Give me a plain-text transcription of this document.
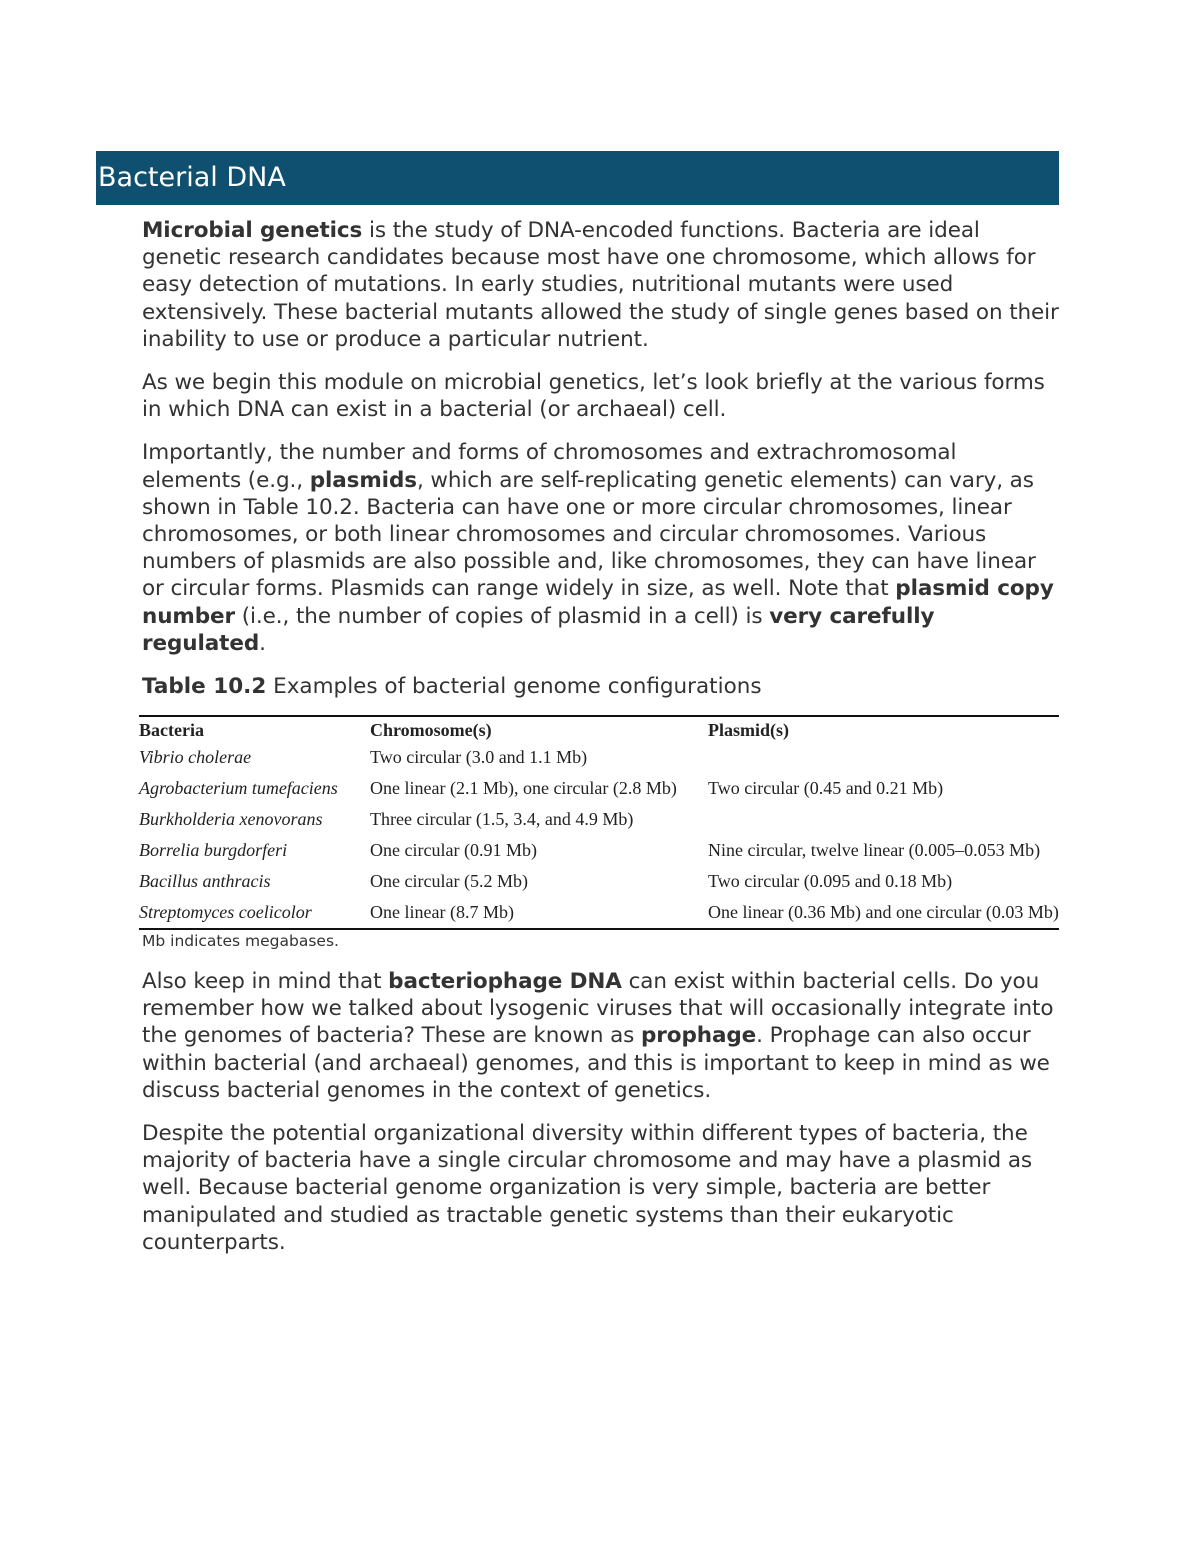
Bacterial DNA

Microbial genetics is the study of DNA-encoded functions. Bacteria are ideal genetic research candidates because most have one chromosome, which allows for easy detection of mutations. In early studies, nutritional mutants were used extensively. These bacterial mutants allowed the study of single genes based on their inability to use or produce a particular nutrient.

As we begin this module on microbial genetics, let’s look briefly at the various forms in which DNA can exist in a bacterial (or archaeal) cell.

Importantly, the number and forms of chromosomes and extrachromosomal elements (e.g., plasmids, which are self-replicating genetic elements) can vary, as shown in Table 10.2. Bacteria can have one or more circular chromosomes, linear chromosomes, or both linear chromosomes and circular chromosomes. Various numbers of plasmids are also possible and, like chromosomes, they can have linear or circular forms. Plasmids can range widely in size, as well. Note that plasmid copy number (i.e., the number of copies of plasmid in a cell) is very carefully regulated.

Table 10.2 Examples of bacterial genome configurations
Bacteria	Chromosome(s)	Plasmid(s)
Vibrio cholerae	Two circular (3.0 and 1.1 Mb)	
Agrobacterium tumefaciens	One linear (2.1 Mb), one circular (2.8 Mb)	Two circular (0.45 and 0.21 Mb)
Burkholderia xenovorans	Three circular (1.5, 3.4, and 4.9 Mb)	
Borrelia burgdorferi	One circular (0.91 Mb)	Nine circular, twelve linear (0.005–0.053 Mb)
Bacillus anthracis	One circular (5.2 Mb)	Two circular (0.095 and 0.18 Mb)
Streptomyces coelicolor	One linear (8.7 Mb)	One linear (0.36 Mb) and one circular (0.03 Mb)
Mb indicates megabases.

Also keep in mind that bacteriophage DNA can exist within bacterial cells. Do you remember how we talked about lysogenic viruses that will occasionally integrate into the genomes of bacteria? These are known as prophage. Prophage can also occur within bacterial (and archaeal) genomes, and this is important to keep in mind as we discuss bacterial genomes in the context of genetics.

Despite the potential organizational diversity within different types of bacteria, the majority of bacteria have a single circular chromosome and may have a plasmid as well. Because bacterial genome organization is very simple, bacteria are better manipulated and studied as tractable genetic systems than their eukaryotic counterparts.
